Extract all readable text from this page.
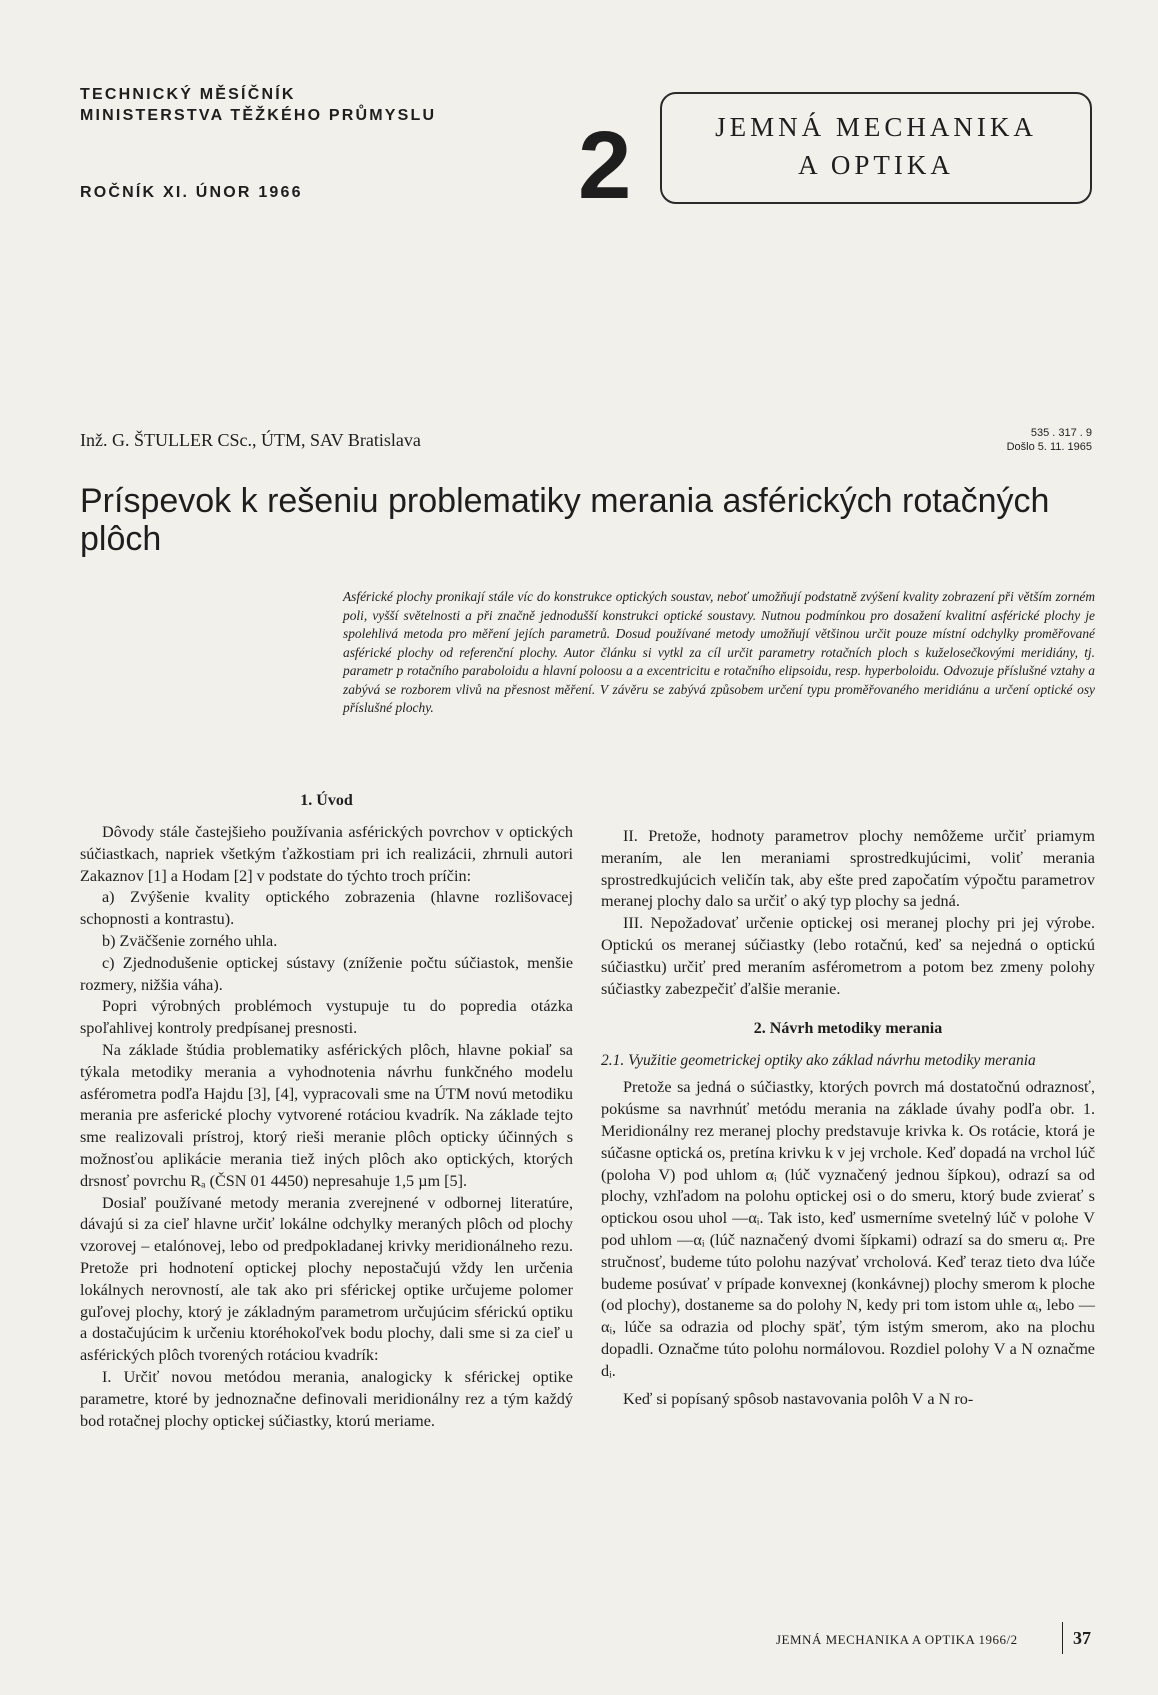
TECHNICKÝ MĚSÍČNÍK
MINISTERSTVA TĚŽKÉHO PRŮMYSLU
ROČNÍK XI. ÚNOR 1966	2	JEMNÁ MECHANIKA
A OPTIKA
Inž. G. ŠTULLER CSc., ÚTM, SAV Bratislava	535 . 317 . 9
Došlo 5. 11. 1965
Príspevok k rešeniu problematiky merania asférických rotačných plôch
Asférické plochy pronikají stále víc do konstrukce optických soustav, neboť umožňují podstatně zvýšení kvality zobrazení při větším zorném poli, vyšší světelnosti a při značně jednodušší konstrukci optické soustavy. Nutnou podmínkou pro dosažení kvalitní asférické plochy je spolehlivá metoda pro měření jejích parametrů. Dosud používané metody umožňují většinou určit pouze místní odchylky proměřované asférické plochy od referenční plochy. Autor článku si vytkl za cíl určit parametry rotačních ploch s kuželosečkovými meridiány, tj. parametr p rotačního paraboloidu a hlavní poloosu a a excentricitu e rotačního elipsoidu, resp. hyperboloidu. Odvozuje příslušné vztahy a zabývá se rozborem vlivů na přesnost měření. V závěru se zabývá způsobem určení typu proměřovaného meridiánu a určení optické osy příslušné plochy.
1. Úvod

Dôvody stále častejšieho používania asférických povrchov v optických súčiastkach, napriek všetkým ťažkostiam pri ich realizácii, zhrnuli autori Zakaznov [1] a Hodam [2] v podstate do týchto troch príčin:

a) Zvýšenie kvality optického zobrazenia (hlavne rozlišovacej schopnosti a kontrastu).

b) Zväčšenie zorného uhla.

c) Zjednodušenie optickej sústavy (zníženie počtu súčiastok, menšie rozmery, nižšia váha).

Popri výrobných problémoch vystupuje tu do popredia otázka spoľahlivej kontroly predpísanej presnosti.

Na základe štúdia problematiky asférických plôch, hlavne pokiaľ sa týkala metodiky merania a vyhodnotenia návrhu funkčného modelu asférometra podľa Hajdu [3], [4], vypracovali sme na ÚTM novú metodiku merania pre asferické plochy vytvorené rotáciou kvadrík. Na základe tejto sme realizovali prístroj, ktorý rieši meranie plôch opticky účinných s možnosťou aplikácie merania tiež iných plôch ako optických, ktorých drsnosť povrchu Rₐ (ČSN 01 4450) nepresahuje 1,5 µm [5].

Dosiaľ používané metody merania zverejnené v odbornej literatúre, dávajú si za cieľ hlavne určiť lokálne odchylky meraných plôch od plochy vzorovej – etalónovej, lebo od predpokladanej krivky meridionálneho rezu. Pretože pri hodnotení optickej plochy nepostačujú vždy len určenia lokálnych nerovností, ale tak ako pri sférickej optike určujeme polomer guľovej plochy, ktorý je základným parametrom určujúcim sférickú optiku a dostačujúcim k určeniu ktoréhokoľvek bodu plochy, dali sme si za cieľ u asférických plôch tvorených rotáciou kvadrík:

I. Určiť novou metódou merania, analogicky k sférickej optike parametre, ktoré by jednoznačne definovali meridionálny rez a tým každý bod rotačnej plochy optickej súčiastky, ktorú meriame.

II. Pretože, hodnoty parametrov plochy nemôžeme určiť priamym meraním, ale len meraniami sprostredkujúcimi, voliť merania sprostredkujúcich veličín tak, aby ešte pred započatím výpočtu parametrov meranej plochy dalo sa určiť o aký typ plochy sa jedná.

III. Nepožadovať určenie optickej osi meranej plochy pri jej výrobe. Optickú os meranej súčiastky (lebo rotačnú, keď sa nejedná o optickú súčiastku) určiť pred meraním asférometrom a potom bez zmeny polohy súčiastky zabezpečiť ďalšie meranie.

2. Návrh metodiky merania
2.1. Využitie geometrickej optiky ako základ návrhu metodiky merania

Pretože sa jedná o súčiastky, ktorých povrch má dostatočnú odraznosť, pokúsme sa navrhnúť metódu merania na základe úvahy podľa obr. 1. Meridionálny rez meranej plochy predstavuje krivka k. Os rotácie, ktorá je súčasne optická os, pretína krivku k v jej vrchole. Keď dopadá na vrchol lúč (poloha V) pod uhlom αᵢ (lúč vyznačený jednou šípkou), odrazí sa od plochy, vzhľadom na polohu optickej osi o do smeru, ktorý bude zvierať s optickou osou uhol —αᵢ. Tak isto, keď usmerníme svetelný lúč v polohe V pod uhlom —αᵢ (lúč naznačený dvomi šípkami) odrazí sa do smeru αᵢ. Pre stručnosť, budeme túto polohu nazývať vrcholová. Keď teraz tieto dva lúče budeme posúvať v prípade konvexnej (konkávnej) plochy smerom k ploche (od plochy), dostaneme sa do polohy N, kedy pri tom istom uhle αᵢ, lebo —αᵢ, lúče sa odrazia od plochy späť, tým istým smerom, ako na plochu dopadli. Označme túto polohu normálovou. Rozdiel polohy V a N označme dᵢ.

Keď si popísaný spôsob nastavovania polôh V a N ro-

JEMNÁ MECHANIKA A OPTIKA 1966/2	37
